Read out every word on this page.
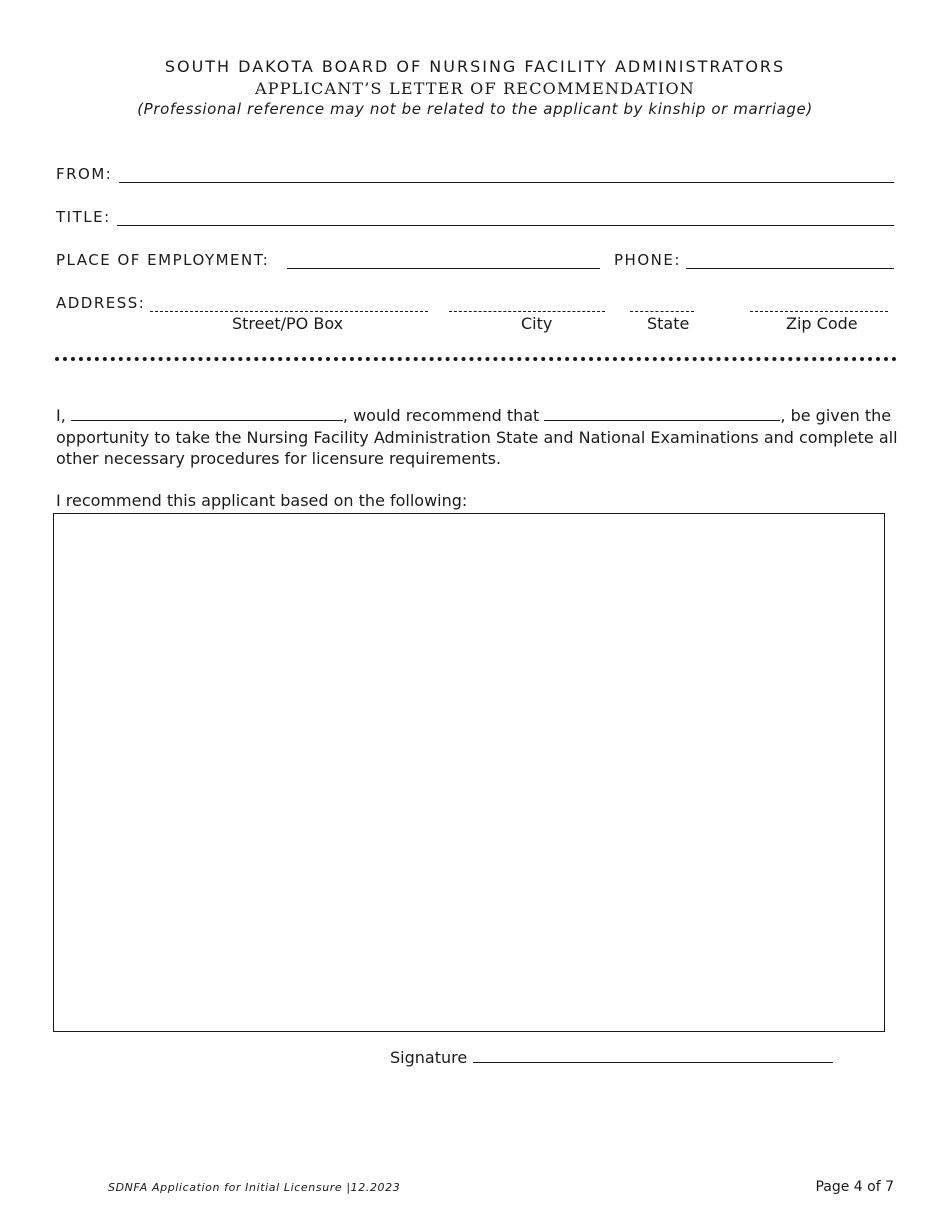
SOUTH DAKOTA BOARD OF NURSING FACILITY ADMINISTRATORS
APPLICANT’S LETTER OF RECOMMENDATION
(Professional reference may not be related to the applicant by kinship or marriage)
FROM:
TITLE:
PLACE OF EMPLOYMENT:	PHONE:
ADDRESS:
Street/PO Box	City	State	Zip Code
I,	, would recommend that	, be given the opportunity to take the Nursing Facility Administration State and National Examinations and complete all other necessary procedures for licensure requirements.
I recommend this applicant based on the following:
Signature
SDNFA Application for Initial Licensure |12.2023	Page 4 of 7
